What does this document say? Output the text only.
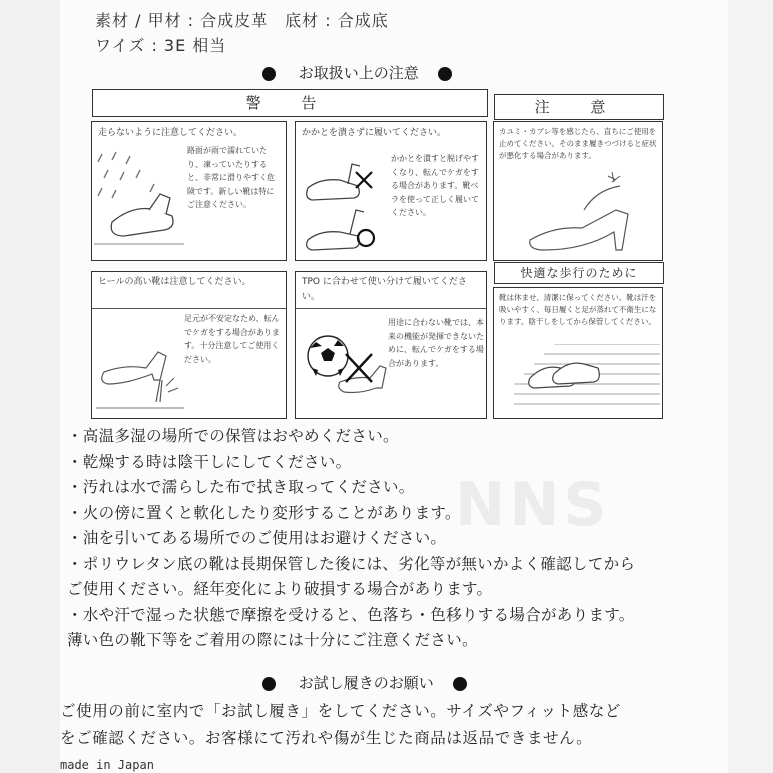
素材 / 甲材 : 合成皮革　底材 : 合成底
ワイズ : 3E 相当
お取扱い上の注意
警 告	注 意
走らないように注意してください。
路面が雨で濡れていたり、凍っていたりすると、非常に滑りやすく危険です。新しい靴は特にご注意ください。
かかとを潰さずに履いてください。
かかとを潰すと脱げやすくなり、転んでケガをする場合があります。靴べラを使って正しく履いてください。
カユミ・カブレ等を感じたら、直ちにご使用を止めてください。そのまま履きつづけると症状が悪化する場合があります。
ヒールの高い靴は注意してください。
足元が不安定なため、転んでケガをする場合があります。十分注意してご使用ください。
TPO に合わせて使い分けて履いてください。
用途に合わない靴では、本来の機能が発揮できないために、転んでケガをする場合があります。
快適な歩行のために
靴は休ませ、清潔に保ってください。靴は汗を吸いやすく、毎日履くと足が蒸れて不衛生になります。陰干しをしてから保管してください。
NNS
・高温多湿の場所での保管はおやめください。
・乾燥する時は陰干しにしてください。
・汚れは水で濡らした布で拭き取ってください。
・火の傍に置くと軟化したり変形することがあります。
・油を引いてある場所でのご使用はお避けください。
・ポリウレタン底の靴は長期保管した後には、劣化等が無いかよく確認してから
ご使用ください。経年変化により破損する場合があります。
・水や汗で湿った状態で摩擦を受けると、色落ち・色移りする場合があります。
薄い色の靴下等をご着用の際には十分にご注意ください。
お試し履きのお願い
ご使用の前に室内で「お試し履き」をしてください。サイズやフィット感など
をご確認ください。お客様にて汚れや傷が生じた商品は返品できません。
made in Japan
